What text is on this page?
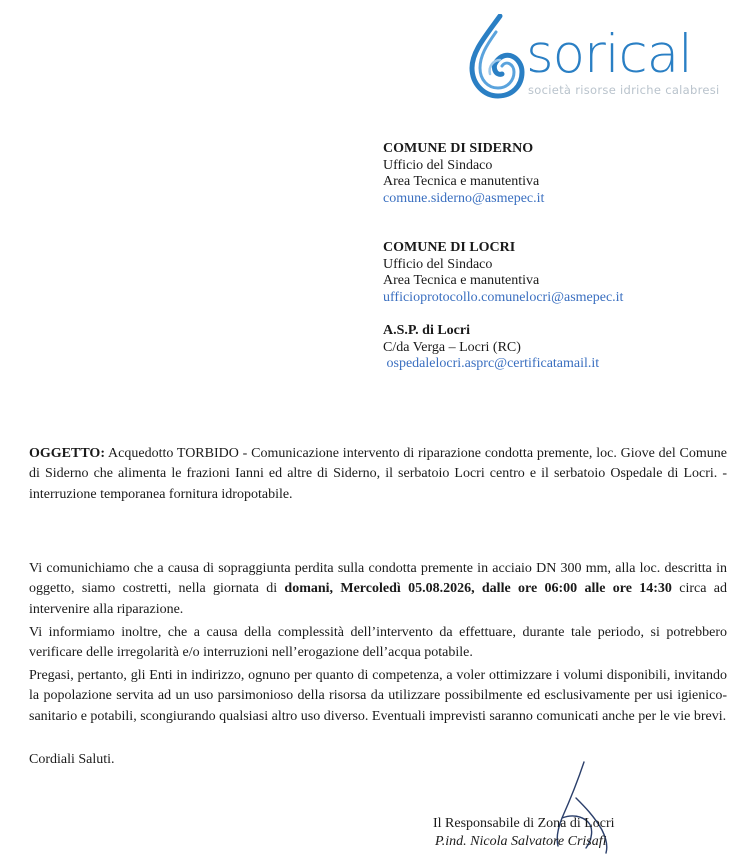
sorical
società risorse idriche calabresi
COMUNE DI SIDERNO
Ufficio del Sindaco
Area Tecnica e manutentiva
comune.siderno@asmepec.it
COMUNE DI LOCRI
Ufficio del Sindaco
Area Tecnica e manutentiva
ufficioprotocollo.comunelocri@asmepec.it
A.S.P. di Locri
C/da Verga – Locri (RC)
ospedalelocri.asprc@certificatamail.it

OGGETTO: Acquedotto TORBIDO - Comunicazione intervento di riparazione condotta premente, loc. Giove del Comune di Siderno che alimenta le frazioni Ianni ed altre di Siderno, il serbatoio Locri centro e il serbatoio Ospedale di Locri. - interruzione temporanea fornitura idropotabile.

Vi comunichiamo che a causa di sopraggiunta perdita sulla condotta premente in acciaio DN 300 mm, alla loc. descritta in oggetto, siamo costretti, nella giornata di domani, Mercoledì 05.08.2026, dalle ore 06:00 alle ore 14:30 circa ad intervenire alla riparazione.

Vi informiamo inoltre, che a causa della complessità dell’intervento da effettuare, durante tale periodo, si potrebbero verificare delle irregolarità e/o interruzioni nell’erogazione dell’acqua potabile.

Pregasi, pertanto, gli Enti in indirizzo, ognuno per quanto di competenza, a voler ottimizzare i volumi disponibili, invitando la popolazione servita ad un uso parsimonioso della risorsa da utilizzare possibilmente ed esclusivamente per usi igienico-sanitario e potabili, scongiurando qualsiasi altro uso diverso. Eventuali imprevisti saranno comunicati anche per le vie brevi.

Cordiali Saluti.

Il Responsabile di Zona di Locri
P.ind. Nicola Salvatore Crisafi
